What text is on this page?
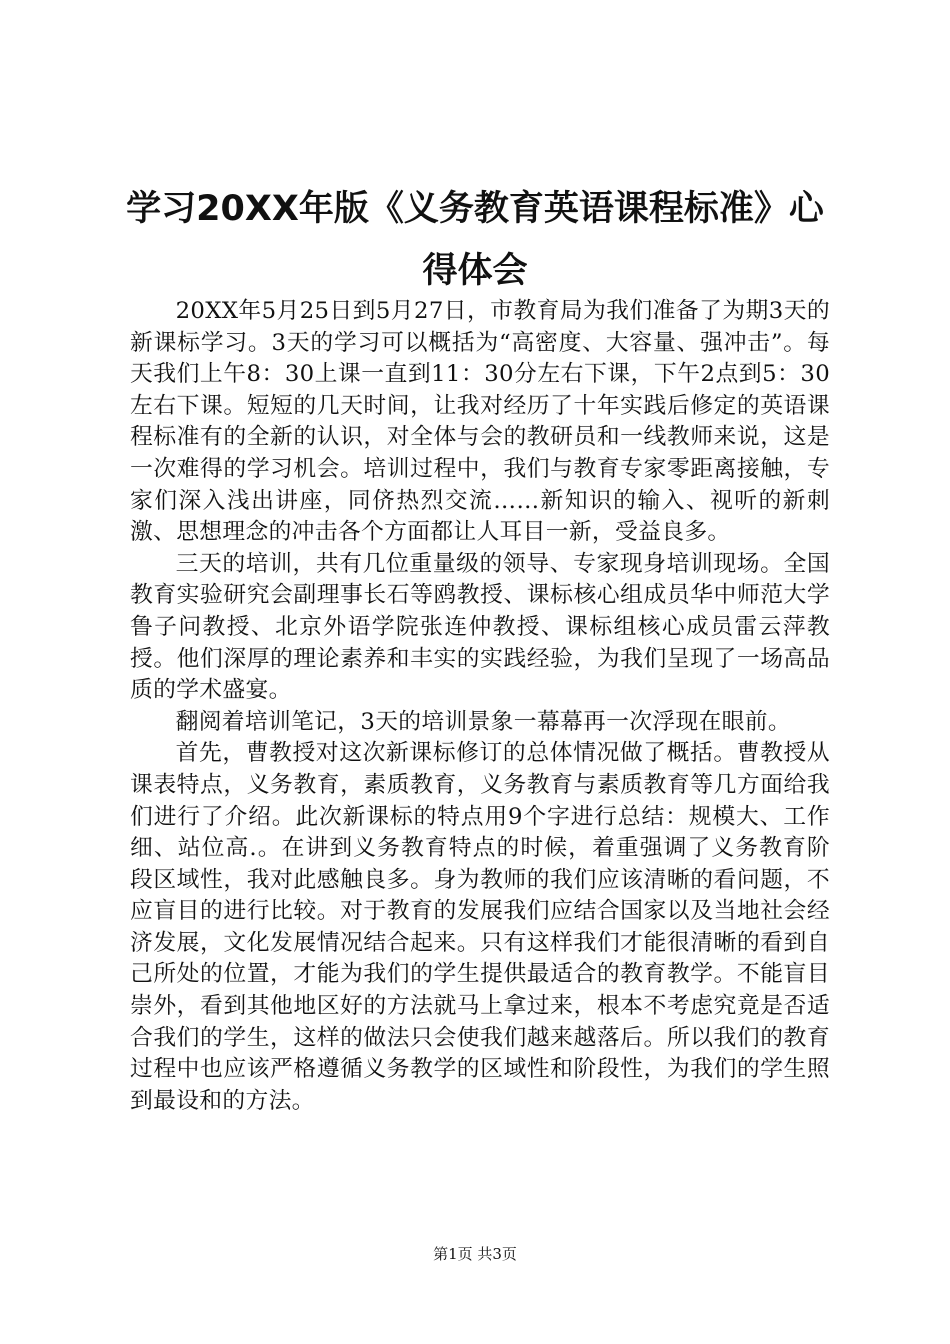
学习20XX年版《义务教育英语课程标准》心得体会

20XX年5月25日到5月27日，市教育局为我们准备了为期3天的新课标学习。3天的学习可以概括为“高密度、大容量、强冲击”。每天我们上午8：30上课一直到11：30分左右下课，下午2点到5：30左右下课。短短的几天时间，让我对经历了十年实践后修定的英语课程标准有的全新的认识，对全体与会的教研员和一线教师来说，这是一次难得的学习机会。培训过程中，我们与教育专家零距离接触，专家们深入浅出讲座，同侪热烈交流……新知识的输入、视听的新刺激、思想理念的冲击各个方面都让人耳目一新，受益良多。

三天的培训，共有几位重量级的领导、专家现身培训现场。全国教育实验研究会副理事长石等鸥教授、课标核心组成员华中师范大学鲁子问教授、北京外语学院张连仲教授、课标组核心成员雷云萍教授。他们深厚的理论素养和丰实的实践经验，为我们呈现了一场高品质的学术盛宴。

翻阅着培训笔记，3天的培训景象一幕幕再一次浮现在眼前。

首先，曹教授对这次新课标修订的总体情况做了概括。曹教授从课表特点，义务教育，素质教育，义务教育与素质教育等几方面给我们进行了介绍。此次新课标的特点用9个字进行总结：规模大、工作细、站位高.。在讲到义务教育特点的时候，着重强调了义务教育阶段区域性，我对此感触良多。身为教师的我们应该清晰的看问题，不应盲目的进行比较。对于教育的发展我们应结合国家以及当地社会经济发展，文化发展情况结合起来。只有这样我们才能很清晰的看到自己所处的位置，才能为我们的学生提供最适合的教育教学。不能盲目崇外，看到其他地区好的方法就马上拿过来，根本不考虑究竟是否适合我们的学生，这样的做法只会使我们越来越落后。所以我们的教育过程中也应该严格遵循义务教学的区域性和阶段性，为我们的学生照到最设和的方法。

第1页 共3页
